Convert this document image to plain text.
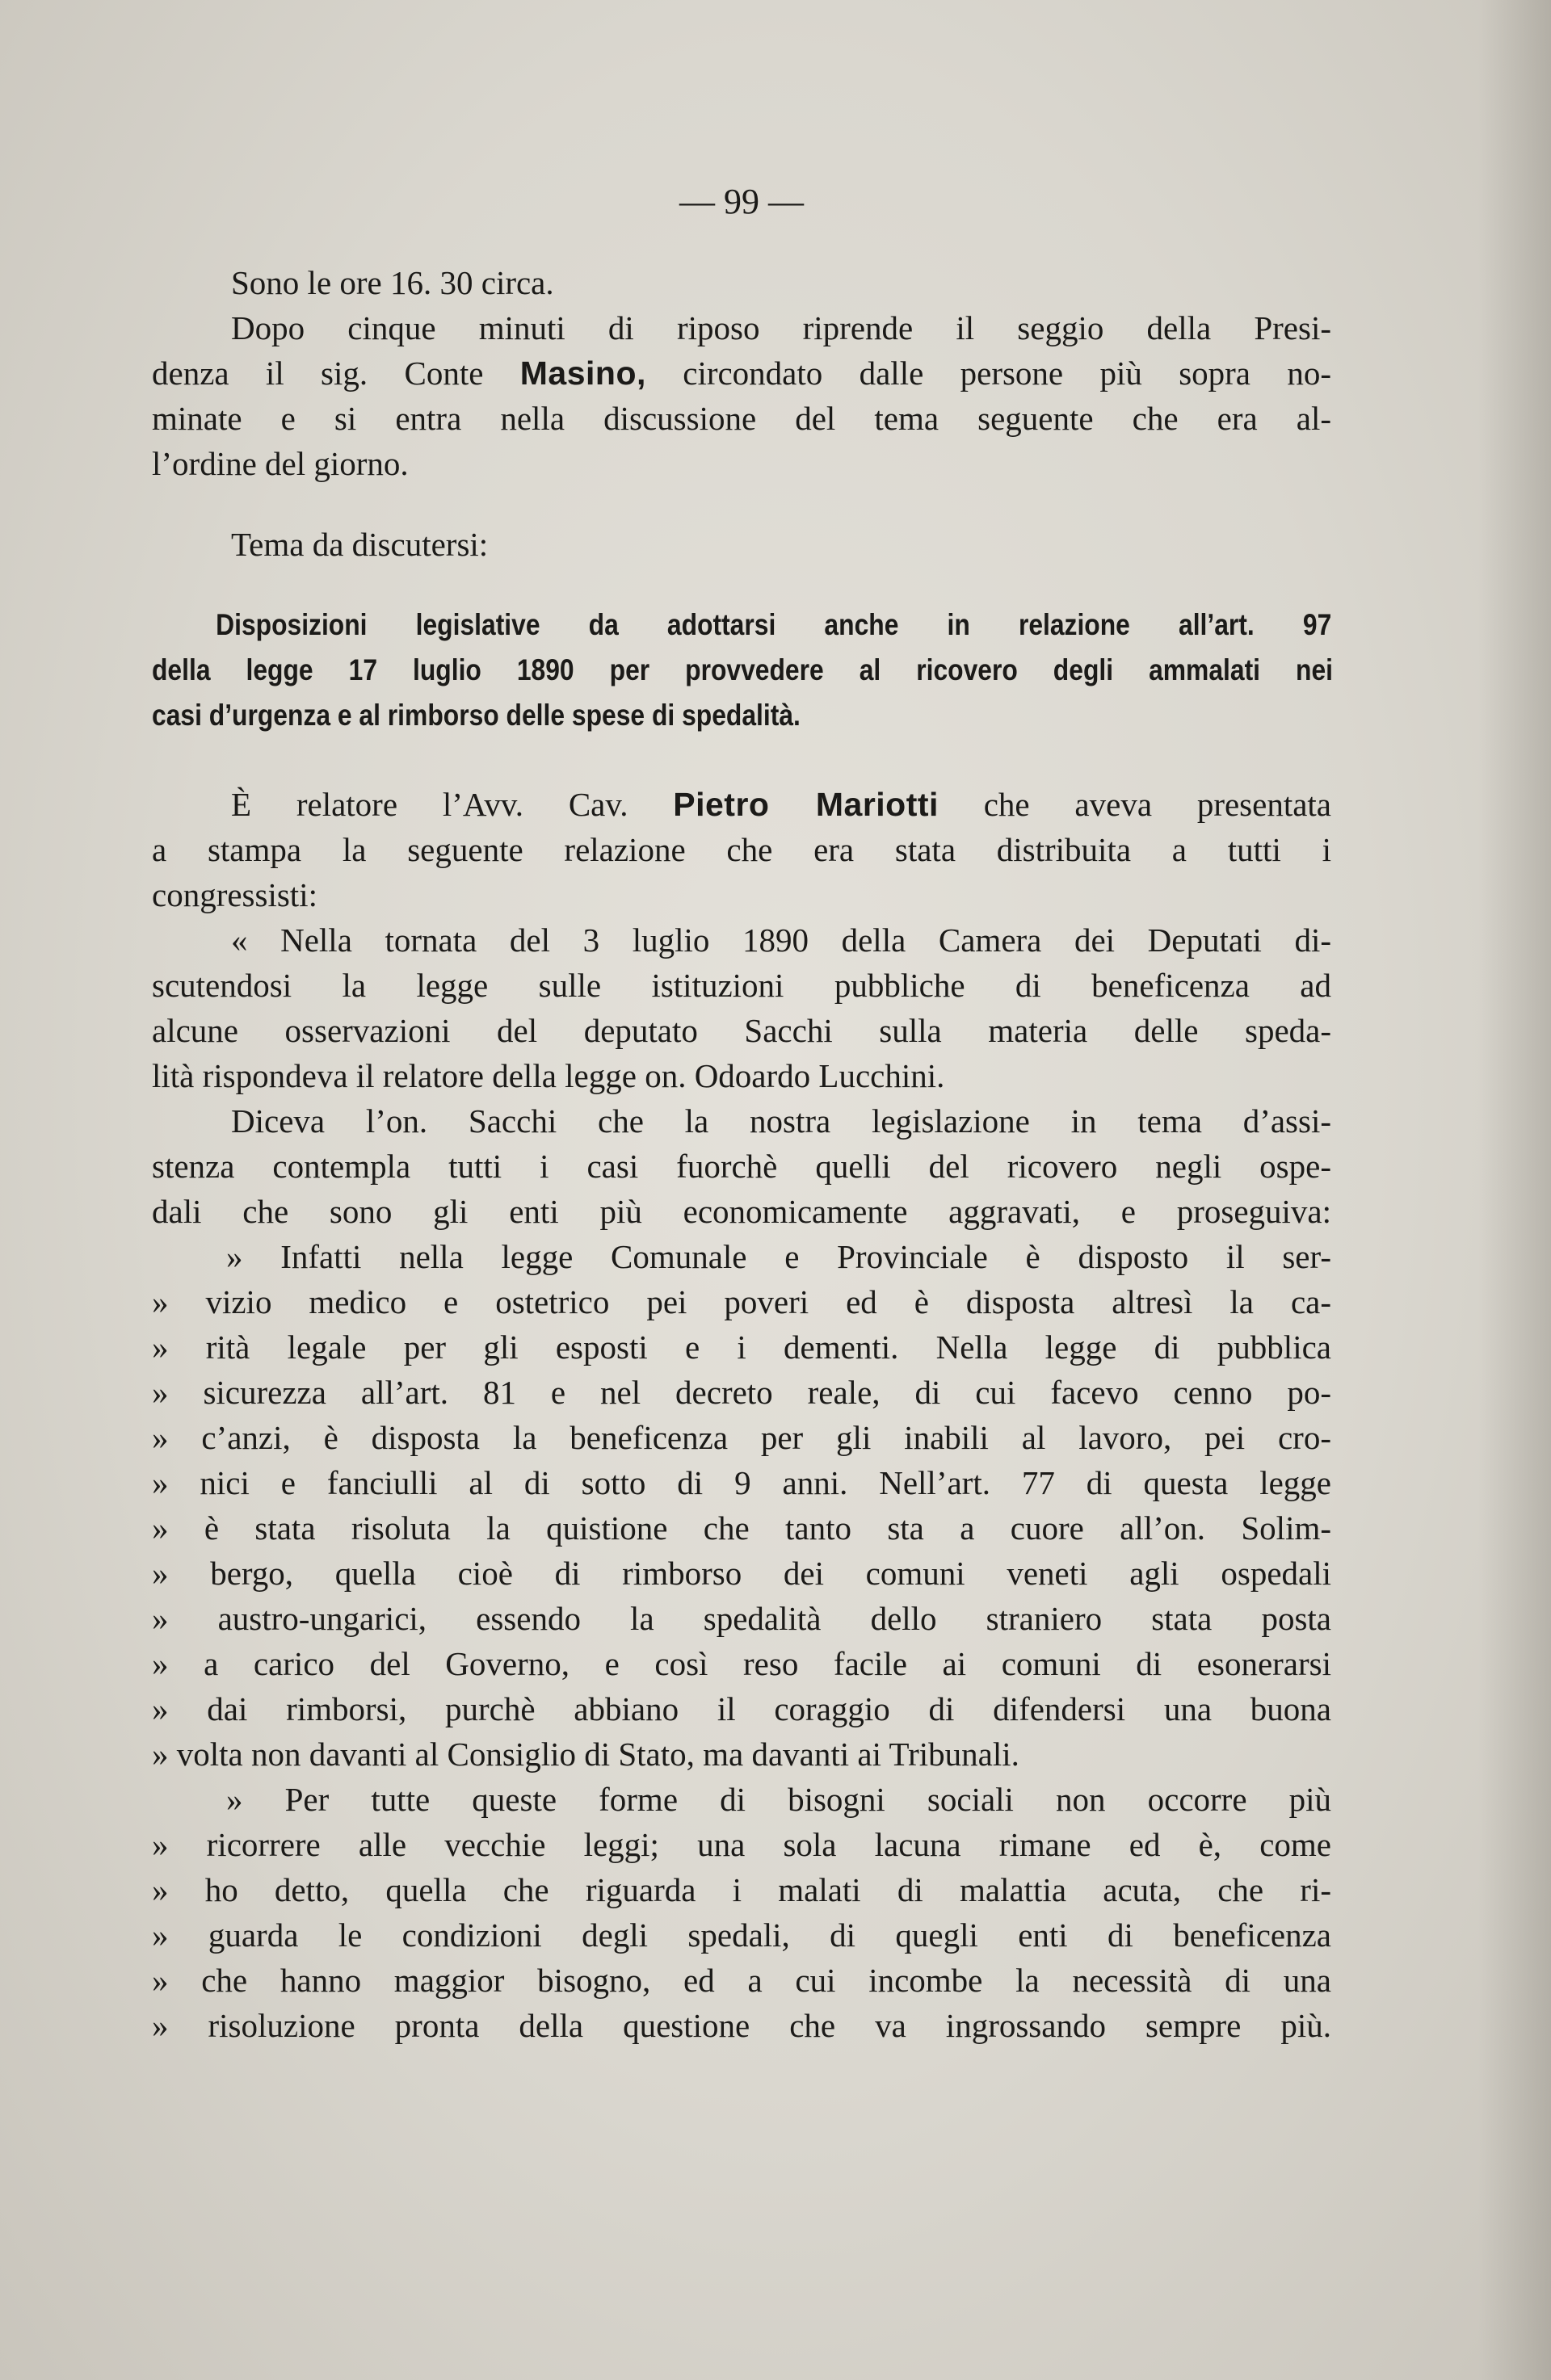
— 99 —
Sono le ore 16. 30 circa.
Dopo cinque minuti di riposo riprende il seggio della Presi-
denza il sig. Conte Masino, circondato dalle persone più sopra no-
minate e si entra nella discussione del tema seguente che era al-
l’ordine del giorno.
Tema da discutersi:
Disposizioni legislative da adottarsi anche in relazione all’art. 97
della legge 17 luglio 1890 per provvedere al ricovero degli ammalati nei
casi d’urgenza e al rimborso delle spese di spedalità.
È relatore l’Avv. Cav. Pietro Mariotti che aveva presentata
a stampa la seguente relazione che era stata distribuita a tutti i
congressisti:
« Nella tornata del 3 luglio 1890 della Camera dei Deputati di-
scutendosi la legge sulle istituzioni pubbliche di beneficenza ad
alcune osservazioni del deputato Sacchi sulla materia delle speda-
lità rispondeva il relatore della legge on. Odoardo Lucchini.
Diceva l’on. Sacchi che la nostra legislazione in tema d’assi-
stenza contempla tutti i casi fuorchè quelli del ricovero negli ospe-
dali che sono gli enti più economicamente aggravati, e proseguiva:
» Infatti nella legge Comunale e Provinciale è disposto il ser-
» vizio medico e ostetrico pei poveri ed è disposta altresì la ca-
» rità legale per gli esposti e i dementi. Nella legge di pubblica
» sicurezza all’art. 81 e nel decreto reale, di cui facevo cenno po-
» c’anzi, è disposta la beneficenza per gli inabili al lavoro, pei cro-
» nici e fanciulli al di sotto di 9 anni. Nell’art. 77 di questa legge
» è stata risoluta la quistione che tanto sta a cuore all’on. Solim-
» bergo, quella cioè di rimborso dei comuni veneti agli ospedali
» austro-ungarici, essendo la spedalità dello straniero stata posta
» a carico del Governo, e così reso facile ai comuni di esonerarsi
» dai rimborsi, purchè abbiano il coraggio di difendersi una buona
» volta non davanti al Consiglio di Stato, ma davanti ai Tribunali.
» Per tutte queste forme di bisogni sociali non occorre più
» ricorrere alle vecchie leggi; una sola lacuna rimane ed è, come
» ho detto, quella che riguarda i malati di malattia acuta, che ri-
» guarda le condizioni degli spedali, di quegli enti di beneficenza
» che hanno maggior bisogno, ed a cui incombe la necessità di una
» risoluzione pronta della questione che va ingrossando sempre più.
